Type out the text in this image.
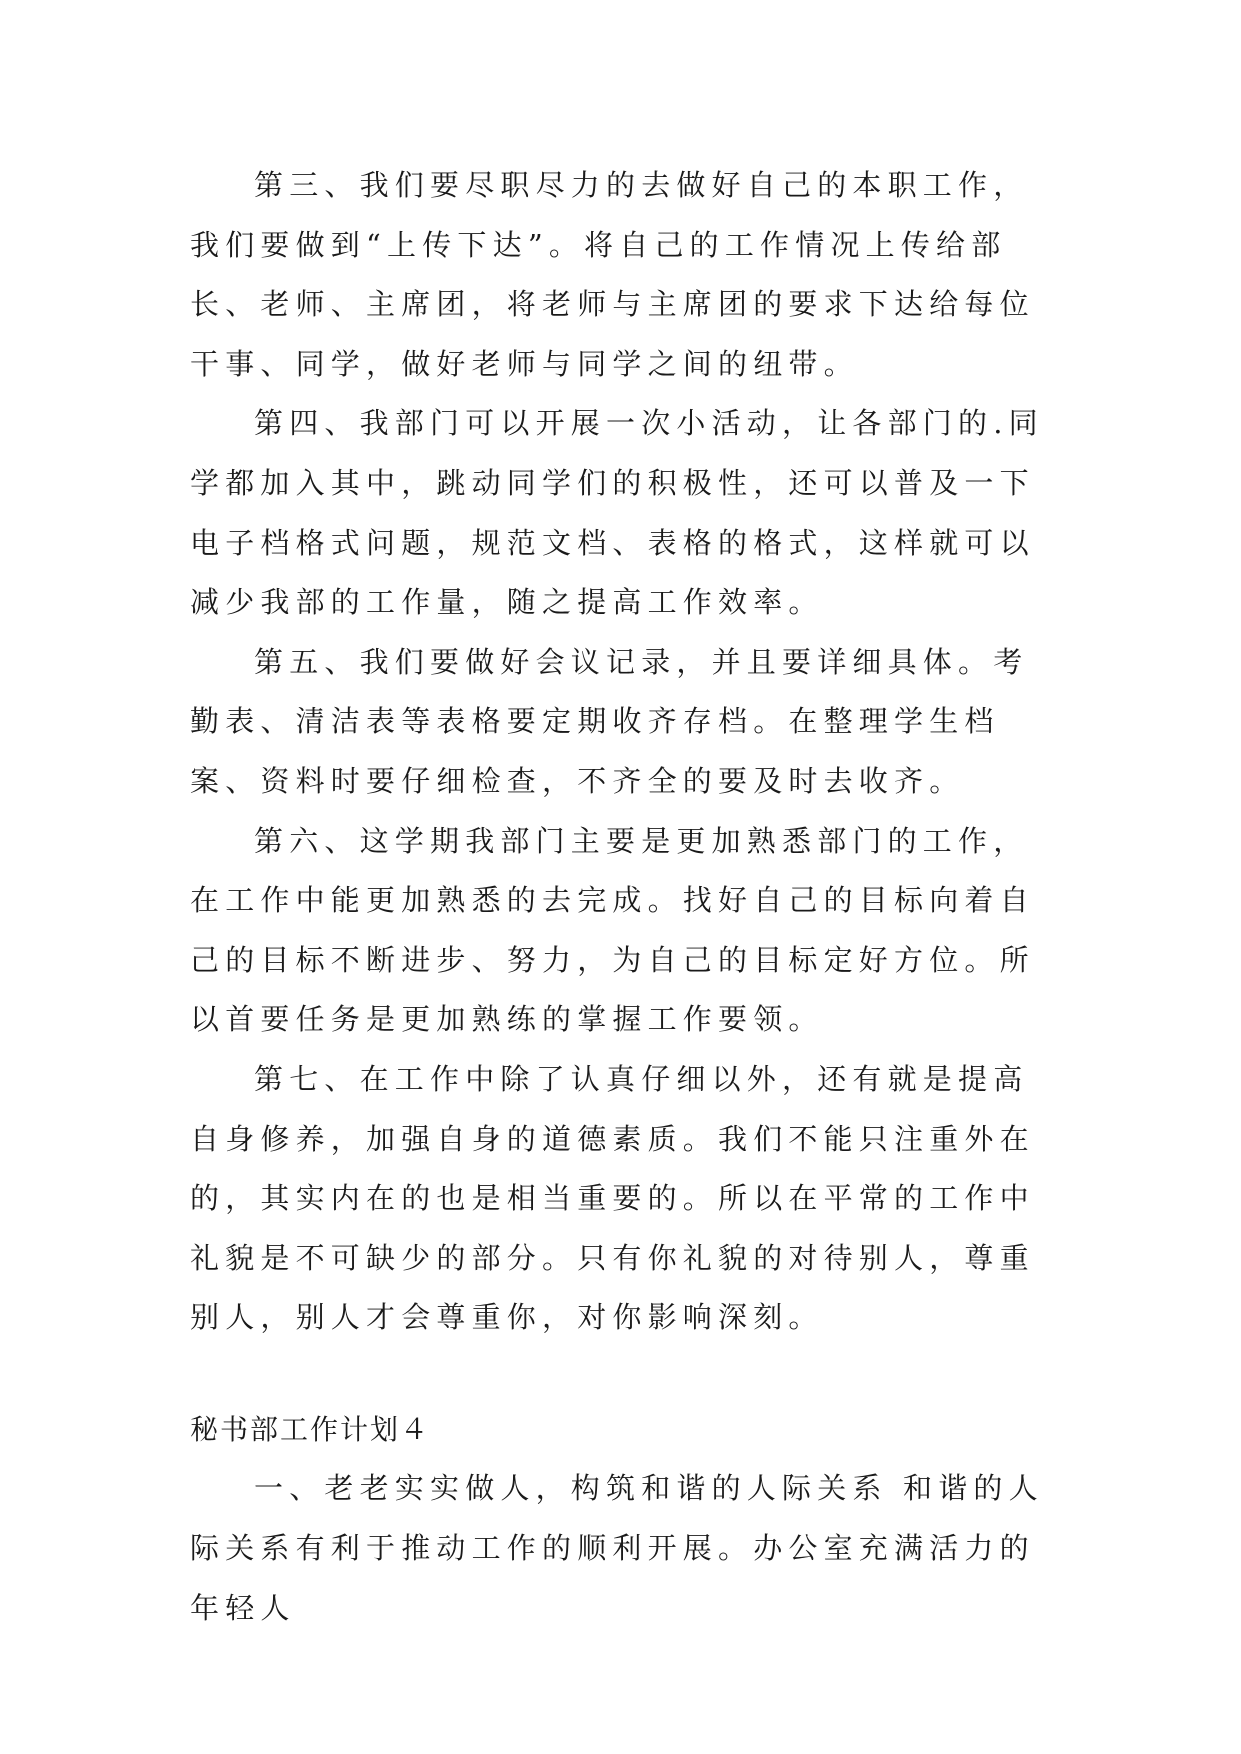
第三、我们要尽职尽力的去做好自己的本职工作，我们要做到“上传下达”。将自己的工作情况上传给部长、老师、主席团，将老师与主席团的要求下达给每位干事、同学，做好老师与同学之间的纽带。

第四、我部门可以开展一次小活动，让各部门的.同学都加入其中，跳动同学们的积极性，还可以普及一下电子档格式问题，规范文档、表格的格式，这样就可以减少我部的工作量，随之提高工作效率。

第五、我们要做好会议记录，并且要详细具体。考勤表、清洁表等表格要定期收齐存档。在整理学生档案、资料时要仔细检查，不齐全的要及时去收齐。

第六、这学期我部门主要是更加熟悉部门的工作，在工作中能更加熟悉的去完成。找好自己的目标向着自己的目标不断进步、努力，为自己的目标定好方位。所以首要任务是更加熟练的掌握工作要领。

第七、在工作中除了认真仔细以外，还有就是提高自身修养，加强自身的道德素质。我们不能只注重外在的，其实内在的也是相当重要的。所以在平常的工作中礼貌是不可缺少的部分。只有你礼貌的对待别人，尊重别人，别人才会尊重你，对你影响深刻。

秘书部工作计划４

一、老老实实做人，构筑和谐的人际关系 和谐的人际关系有利于推动工作的顺利开展。办公室充满活力的年轻人
